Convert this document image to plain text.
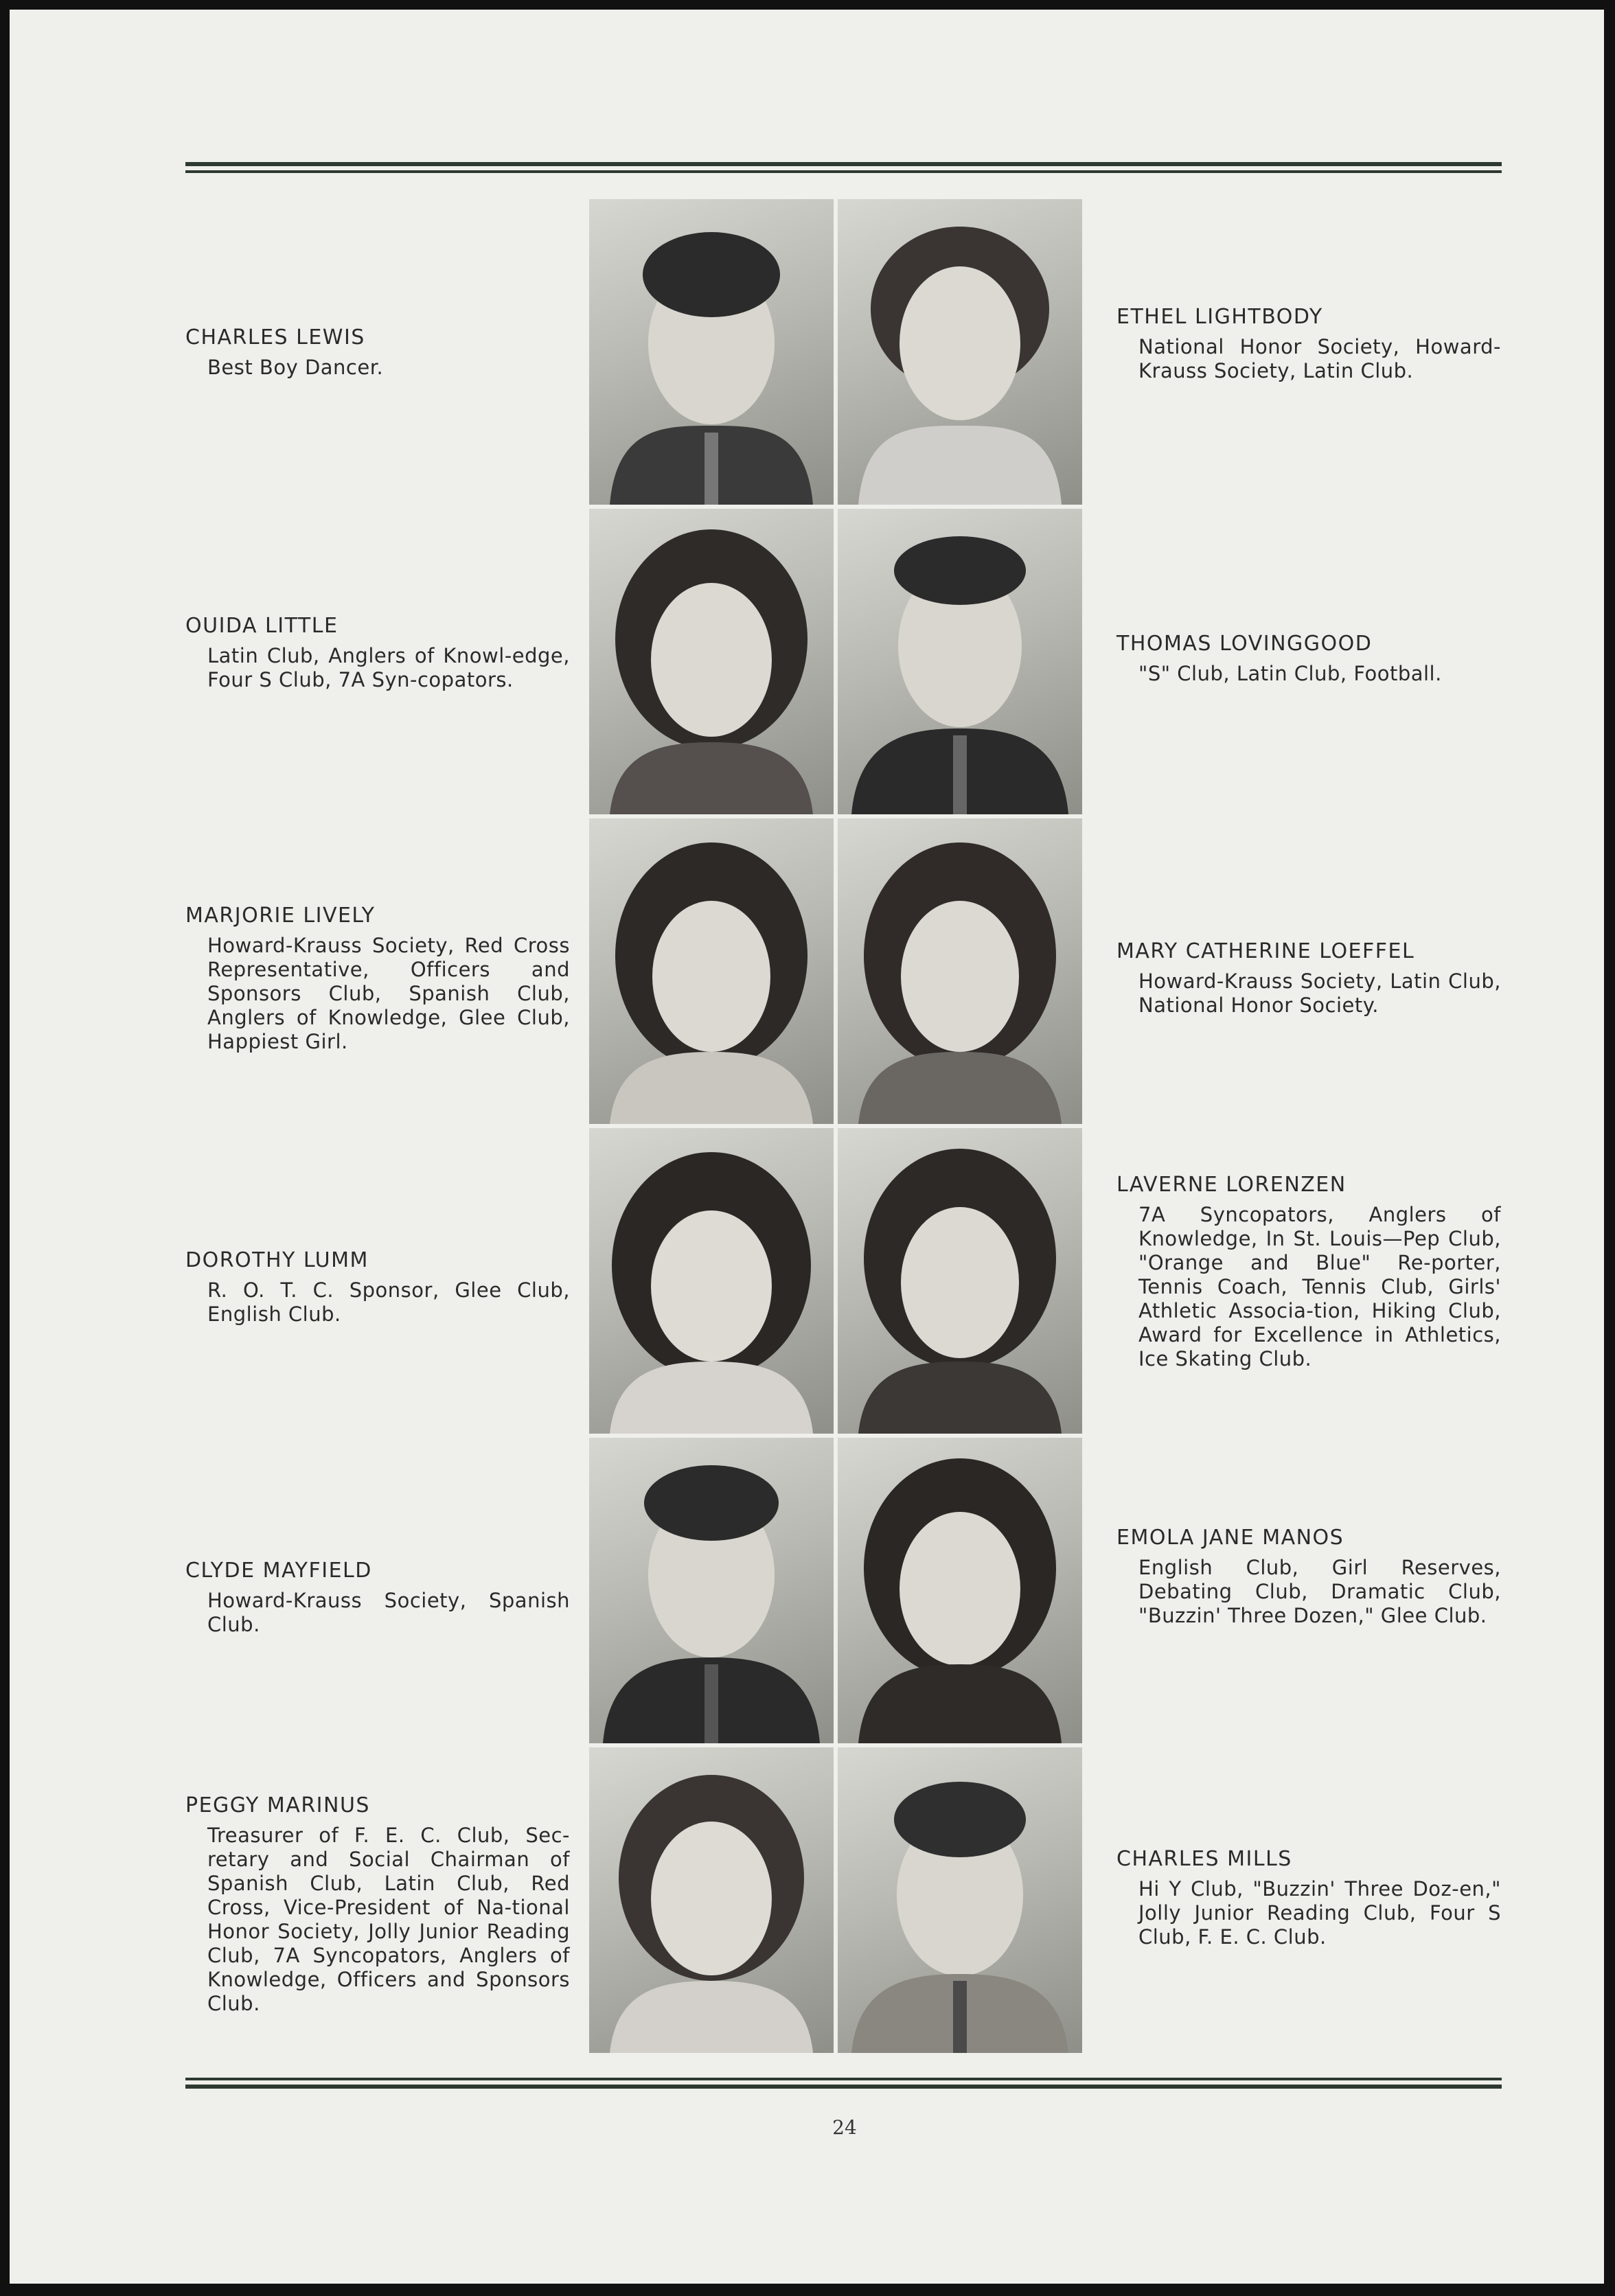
CHARLES LEWIS
Best Boy Dancer.
OUIDA LITTLE
Latin Club, Anglers of Knowl-edge, Four S Club, 7A Syn-copators.
MARJORIE LIVELY
Howard-Krauss Society, Red Cross Representative, Officers and Sponsors Club, Spanish Club, Anglers of Knowledge, Glee Club, Happiest Girl.
DOROTHY LUMM
R. O. T. C. Sponsor, Glee Club, English Club.
CLYDE MAYFIELD
Howard-Krauss Society, Spanish Club.
PEGGY MARINUS
Treasurer of F. E. C. Club, Sec-retary and Social Chairman of Spanish Club, Latin Club, Red Cross, Vice-President of Na-tional Honor Society, Jolly Junior Reading Club, 7A Syncopators, Anglers of Knowledge, Officers and Sponsors Club.
ETHEL LIGHTBODY
National Honor Society, Howard-Krauss Society, Latin Club.
THOMAS LOVINGGOOD
"S" Club, Latin Club, Football.
MARY CATHERINE LOEFFEL
Howard-Krauss Society, Latin Club, National Honor Society.
LAVERNE LORENZEN
7A Syncopators, Anglers of Knowledge, In St. Louis—Pep Club, "Orange and Blue" Re-porter, Tennis Coach, Tennis Club, Girls' Athletic Associa-tion, Hiking Club, Award for Excellence in Athletics, Ice Skating Club.
EMOLA JANE MANOS
English Club, Girl Reserves, Debating Club, Dramatic Club, "Buzzin' Three Dozen," Glee Club.
CHARLES MILLS
Hi Y Club, "Buzzin' Three Doz-en," Jolly Junior Reading Club, Four S Club, F. E. C. Club.
24
